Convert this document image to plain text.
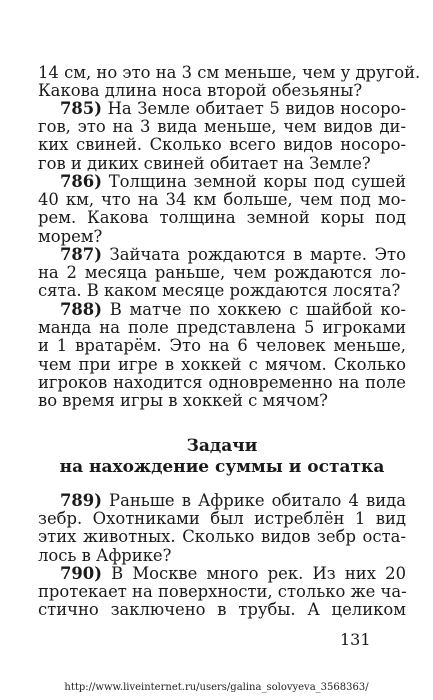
14 см, но это на 3 см меньше, чем у другой.
Какова длина носа второй обезьяны?

785) На Земле обитает 5 видов носоро-
гов, это на 3 вида меньше, чем видов ди-
ких свиней. Сколько всего видов носоро-
гов и диких свиней обитает на Земле?

786) Толщина земной коры под сушей
40 км, что на 34 км больше, чем под мо-
рем. Какова толщина земной коры под
морем?

787) Зайчата рождаются в марте. Это
на 2 месяца раньше, чем рождаются ло-
сята. В каком месяце рождаются лосята?

788) В матче по хоккею с шайбой ко-
манда на поле представлена 5 игроками
и 1 вратарём. Это на 6 человек меньше,
чем при игре в хоккей с мячом. Сколько
игроков находится одновременно на поле
во время игры в хоккей с мячом?

Задачи

на нахождение суммы и остатка

789) Раньше в Африке обитало 4 вида
зебр. Охотниками был истреблён 1 вид
этих животных. Сколько видов зебр оста-
лось в Африке?

790) В Москве много рек. Из них 20
протекает на поверхности, столько же ча-
стично заключено в трубы. А целиком

131
http://www.liveinternet.ru/users/galina_solovyeva_3568363/
